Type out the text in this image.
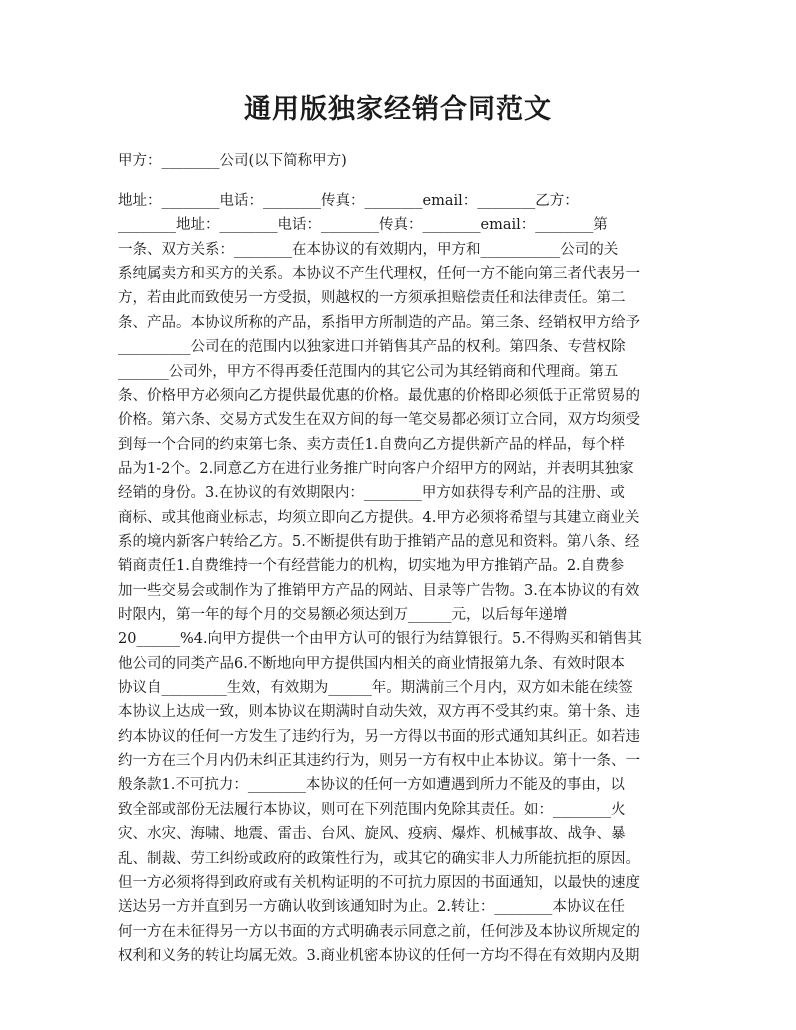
通用版独家经销合同范文
甲方：________公司(以下简称甲方)
地址：________电话：________传真：________email：________乙方：
________地址：________电话：________传真：________email：________第
一条、双方关系：________在本协议的有效期内，甲方和___________公司的关
系纯属卖方和买方的关系。本协议不产生代理权，任何一方不能向第三者代表另一
方，若由此而致使另一方受损，则越权的一方须承担赔偿责任和法律责任。第二
条、产品。本协议所称的产品，系指甲方所制造的产品。第三条、经销权甲方给予
__________公司在的范围内以独家进口并销售其产品的权利。第四条、专营权除
_______公司外，甲方不得再委任范围内的其它公司为其经销商和代理商。第五
条、价格甲方必须向乙方提供最优惠的价格。最优惠的价格即必须低于正常贸易的
价格。第六条、交易方式发生在双方间的每一笔交易都必须订立合同，双方均须受
到每一个合同的约束第七条、卖方责任1.自费向乙方提供新产品的样品，每个样
品为1-2个。2.同意乙方在进行业务推广时向客户介绍甲方的网站，并表明其独家
经销的身份。3.在协议的有效期限内：________甲方如获得专利产品的注册、或
商标、或其他商业标志，均须立即向乙方提供。4.甲方必须将希望与其建立商业关
系的境内新客户转给乙方。5.不断提供有助于推销产品的意见和资料。第八条、经
销商责任1.自费维持一个有经营能力的机构，切实地为甲方推销产品。2.自费参
加一些交易会或制作为了推销甲方产品的网站、目录等广告物。3.在本协议的有效
时限内，第一年的每个月的交易额必须达到万______元，以后每年递增
20______%4.向甲方提供一个由甲方认可的银行为结算银行。5.不得购买和销售其
他公司的同类产品6.不断地向甲方提供国内相关的商业情报第九条、有效时限本
协议自_________生效，有效期为______年。期满前三个月内，双方如未能在续签
本协议上达成一致，则本协议在期满时自动失效，双方再不受其约束。第十条、违
约本协议的任何一方发生了违约行为，另一方得以书面的形式通知其纠正。如若违
约一方在三个月内仍未纠正其违约行为，则另一方有权中止本协议。第十一条、一
般条款1.不可抗力：________本协议的任何一方如遭遇到所力不能及的事由，以
致全部或部份无法履行本协议，则可在下列范围内免除其责任。如：________火
灾、水灾、海啸、地震、雷击、台风、旋风、疫病、爆炸、机械事故、战争、暴
乱、制裁、劳工纠纷或政府的政策性行为，或其它的确实非人力所能抗拒的原因。
但一方必须将得到政府或有关机构证明的不可抗力原因的书面通知，以最快的速度
送达另一方并直到另一方确认收到该通知时为止。2.转让：________本协议在任
何一方在未征得另一方以书面的方式明确表示同意之前，任何涉及本协议所规定的
权利和义务的转让均属无效。3.商业机密本协议的任何一方均不得在有效期内及期
